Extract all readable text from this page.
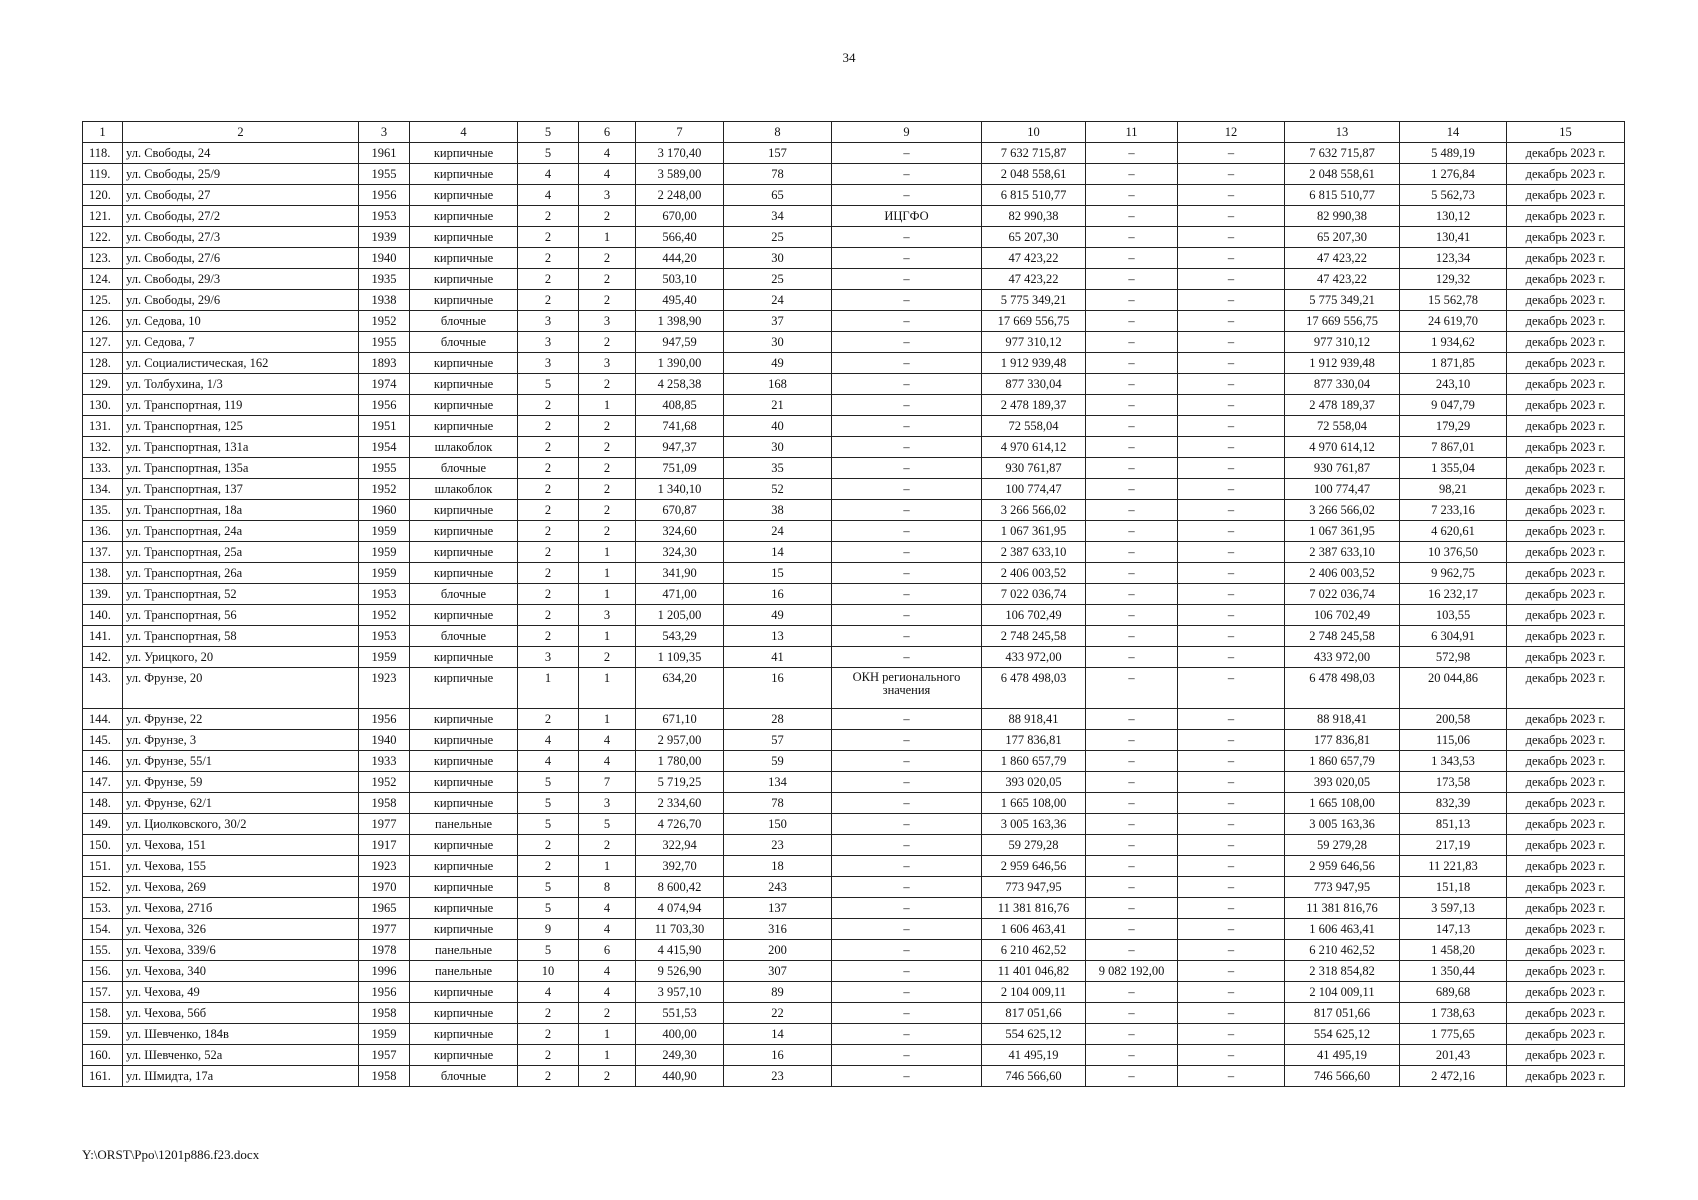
34
1	2	3	4	5	6	7	8	9	10	11	12	13	14	15
118.	ул. Свободы, 24	1961	кирпичные	5	4	3 170,40	157	–	7 632 715,87	–	–	7 632 715,87	5 489,19	декабрь 2023 г.
119.	ул. Свободы, 25/9	1955	кирпичные	4	4	3 589,00	78	–	2 048 558,61	–	–	2 048 558,61	1 276,84	декабрь 2023 г.
120.	ул. Свободы, 27	1956	кирпичные	4	3	2 248,00	65	–	6 815 510,77	–	–	6 815 510,77	5 562,73	декабрь 2023 г.
121.	ул. Свободы, 27/2	1953	кирпичные	2	2	670,00	34	ИЦГФО	82 990,38	–	–	82 990,38	130,12	декабрь 2023 г.
122.	ул. Свободы, 27/3	1939	кирпичные	2	1	566,40	25	–	65 207,30	–	–	65 207,30	130,41	декабрь 2023 г.
123.	ул. Свободы, 27/6	1940	кирпичные	2	2	444,20	30	–	47 423,22	–	–	47 423,22	123,34	декабрь 2023 г.
124.	ул. Свободы, 29/3	1935	кирпичные	2	2	503,10	25	–	47 423,22	–	–	47 423,22	129,32	декабрь 2023 г.
125.	ул. Свободы, 29/6	1938	кирпичные	2	2	495,40	24	–	5 775 349,21	–	–	5 775 349,21	15 562,78	декабрь 2023 г.
126.	ул. Седова, 10	1952	блочные	3	3	1 398,90	37	–	17 669 556,75	–	–	17 669 556,75	24 619,70	декабрь 2023 г.
127.	ул. Седова, 7	1955	блочные	3	2	947,59	30	–	977 310,12	–	–	977 310,12	1 934,62	декабрь 2023 г.
128.	ул. Социалистическая, 162	1893	кирпичные	3	3	1 390,00	49	–	1 912 939,48	–	–	1 912 939,48	1 871,85	декабрь 2023 г.
129.	ул. Толбухина, 1/3	1974	кирпичные	5	2	4 258,38	168	–	877 330,04	–	–	877 330,04	243,10	декабрь 2023 г.
130.	ул. Транспортная, 119	1956	кирпичные	2	1	408,85	21	–	2 478 189,37	–	–	2 478 189,37	9 047,79	декабрь 2023 г.
131.	ул. Транспортная, 125	1951	кирпичные	2	2	741,68	40	–	72 558,04	–	–	72 558,04	179,29	декабрь 2023 г.
132.	ул. Транспортная, 131а	1954	шлакоблок	2	2	947,37	30	–	4 970 614,12	–	–	4 970 614,12	7 867,01	декабрь 2023 г.
133.	ул. Транспортная, 135а	1955	блочные	2	2	751,09	35	–	930 761,87	–	–	930 761,87	1 355,04	декабрь 2023 г.
134.	ул. Транспортная, 137	1952	шлакоблок	2	2	1 340,10	52	–	100 774,47	–	–	100 774,47	98,21	декабрь 2023 г.
135.	ул. Транспортная, 18а	1960	кирпичные	2	2	670,87	38	–	3 266 566,02	–	–	3 266 566,02	7 233,16	декабрь 2023 г.
136.	ул. Транспортная, 24а	1959	кирпичные	2	2	324,60	24	–	1 067 361,95	–	–	1 067 361,95	4 620,61	декабрь 2023 г.
137.	ул. Транспортная, 25а	1959	кирпичные	2	1	324,30	14	–	2 387 633,10	–	–	2 387 633,10	10 376,50	декабрь 2023 г.
138.	ул. Транспортная, 26а	1959	кирпичные	2	1	341,90	15	–	2 406 003,52	–	–	2 406 003,52	9 962,75	декабрь 2023 г.
139.	ул. Транспортная, 52	1953	блочные	2	1	471,00	16	–	7 022 036,74	–	–	7 022 036,74	16 232,17	декабрь 2023 г.
140.	ул. Транспортная, 56	1952	кирпичные	2	3	1 205,00	49	–	106 702,49	–	–	106 702,49	103,55	декабрь 2023 г.
141.	ул. Транспортная, 58	1953	блочные	2	1	543,29	13	–	2 748 245,58	–	–	2 748 245,58	6 304,91	декабрь 2023 г.
142.	ул. Урицкого, 20	1959	кирпичные	3	2	1 109,35	41	–	433 972,00	–	–	433 972,00	572,98	декабрь 2023 г.
143.	ул. Фрунзе, 20	1923	кирпичные	1	1	634,20	16	ОКН регионального значения	6 478 498,03	–	–	6 478 498,03	20 044,86	декабрь 2023 г.
144.	ул. Фрунзе, 22	1956	кирпичные	2	1	671,10	28	–	88 918,41	–	–	88 918,41	200,58	декабрь 2023 г.
145.	ул. Фрунзе, 3	1940	кирпичные	4	4	2 957,00	57	–	177 836,81	–	–	177 836,81	115,06	декабрь 2023 г.
146.	ул. Фрунзе, 55/1	1933	кирпичные	4	4	1 780,00	59	–	1 860 657,79	–	–	1 860 657,79	1 343,53	декабрь 2023 г.
147.	ул. Фрунзе, 59	1952	кирпичные	5	7	5 719,25	134	–	393 020,05	–	–	393 020,05	173,58	декабрь 2023 г.
148.	ул. Фрунзе, 62/1	1958	кирпичные	5	3	2 334,60	78	–	1 665 108,00	–	–	1 665 108,00	832,39	декабрь 2023 г.
149.	ул. Циолковского, 30/2	1977	панельные	5	5	4 726,70	150	–	3 005 163,36	–	–	3 005 163,36	851,13	декабрь 2023 г.
150.	ул. Чехова, 151	1917	кирпичные	2	2	322,94	23	–	59 279,28	–	–	59 279,28	217,19	декабрь 2023 г.
151.	ул. Чехова, 155	1923	кирпичные	2	1	392,70	18	–	2 959 646,56	–	–	2 959 646,56	11 221,83	декабрь 2023 г.
152.	ул. Чехова, 269	1970	кирпичные	5	8	8 600,42	243	–	773 947,95	–	–	773 947,95	151,18	декабрь 2023 г.
153.	ул. Чехова, 271б	1965	кирпичные	5	4	4 074,94	137	–	11 381 816,76	–	–	11 381 816,76	3 597,13	декабрь 2023 г.
154.	ул. Чехова, 326	1977	кирпичные	9	4	11 703,30	316	–	1 606 463,41	–	–	1 606 463,41	147,13	декабрь 2023 г.
155.	ул. Чехова, 339/6	1978	панельные	5	6	4 415,90	200	–	6 210 462,52	–	–	6 210 462,52	1 458,20	декабрь 2023 г.
156.	ул. Чехова, 340	1996	панельные	10	4	9 526,90	307	–	11 401 046,82	9 082 192,00	–	2 318 854,82	1 350,44	декабрь 2023 г.
157.	ул. Чехова, 49	1956	кирпичные	4	4	3 957,10	89	–	2 104 009,11	–	–	2 104 009,11	689,68	декабрь 2023 г.
158.	ул. Чехова, 56б	1958	кирпичные	2	2	551,53	22	–	817 051,66	–	–	817 051,66	1 738,63	декабрь 2023 г.
159.	ул. Шевченко, 184в	1959	кирпичные	2	1	400,00	14	–	554 625,12	–	–	554 625,12	1 775,65	декабрь 2023 г.
160.	ул. Шевченко, 52а	1957	кирпичные	2	1	249,30	16	–	41 495,19	–	–	41 495,19	201,43	декабрь 2023 г.
161.	ул. Шмидта, 17а	1958	блочные	2	2	440,90	23	–	746 566,60	–	–	746 566,60	2 472,16	декабрь 2023 г.
Y:\ORST\Ppo\1201p886.f23.docx
